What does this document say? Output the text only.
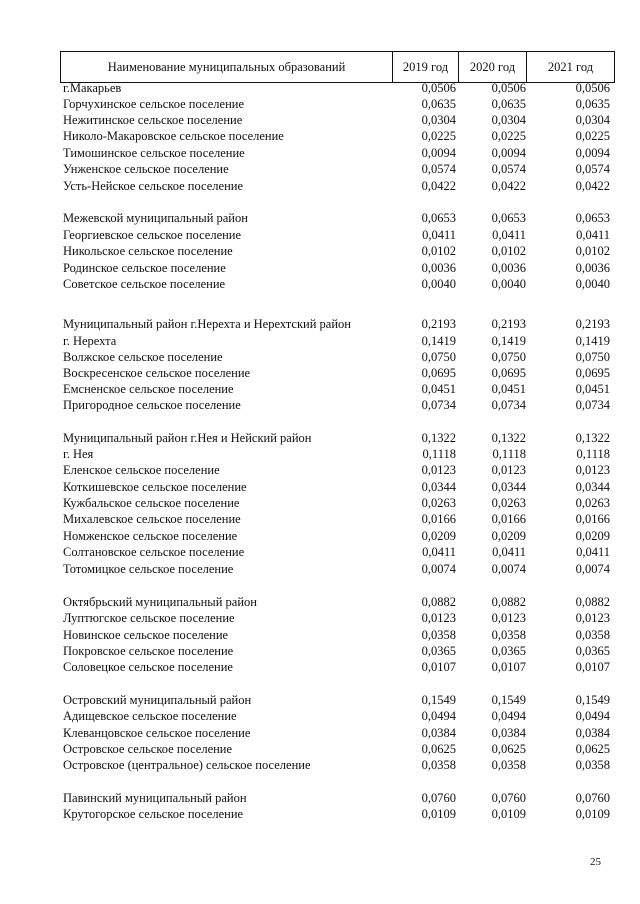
Наименование муниципальных образований	2019 год	2020 год	2021 год
г.Макарьев	0,0506	0,0506	0,0506
Горчухинское сельское поселение	0,0635	0,0635	0,0635
Нежитинское сельское поселение	0,0304	0,0304	0,0304
Николо-Макаровское сельское поселение	0,0225	0,0225	0,0225
Тимошинское сельское поселение	0,0094	0,0094	0,0094
Унженское сельское поселение	0,0574	0,0574	0,0574
Усть-Нейское сельское поселение	0,0422	0,0422	0,0422
Межевской муниципальный район	0,0653	0,0653	0,0653
Георгиевское сельское поселение	0,0411	0,0411	0,0411
Никольское сельское поселение	0,0102	0,0102	0,0102
Родинское сельское поселение	0,0036	0,0036	0,0036
Советское сельское поселение	0,0040	0,0040	0,0040
Муниципальный район г.Нерехта и Нерехтский район	0,2193	0,2193	0,2193
г. Нерехта	0,1419	0,1419	0,1419
Волжское сельское поселение	0,0750	0,0750	0,0750
Воскресенское сельское поселение	0,0695	0,0695	0,0695
Емсненское сельское поселение	0,0451	0,0451	0,0451
Пригородное сельское поселение	0,0734	0,0734	0,0734
Муниципальный район г.Нея и Нейский район	0,1322	0,1322	0,1322
г. Нея	0,1118	0,1118	0,1118
Еленское сельское поселение	0,0123	0,0123	0,0123
Коткишевское сельское поселение	0,0344	0,0344	0,0344
Кужбальское сельское поселение	0,0263	0,0263	0,0263
Михалевское сельское поселение	0,0166	0,0166	0,0166
Номженское сельское поселение	0,0209	0,0209	0,0209
Солтановское сельское поселение	0,0411	0,0411	0,0411
Тотомицкое сельское поселение	0,0074	0,0074	0,0074
Октябрьский муниципальный район	0,0882	0,0882	0,0882
Луптюгское сельское поселение	0,0123	0,0123	0,0123
Новинское сельское поселение	0,0358	0,0358	0,0358
Покровское сельское поселение	0,0365	0,0365	0,0365
Соловецкое сельское поселение	0,0107	0,0107	0,0107
Островский муниципальный район	0,1549	0,1549	0,1549
Адищевское сельское поселение	0,0494	0,0494	0,0494
Клеванцовское сельское поселение	0,0384	0,0384	0,0384
Островское сельское поселение	0,0625	0,0625	0,0625
Островское (центральное) сельское поселение	0,0358	0,0358	0,0358
Павинский муниципальный район	0,0760	0,0760	0,0760
Крутогорское сельское поселение	0,0109	0,0109	0,0109
25
